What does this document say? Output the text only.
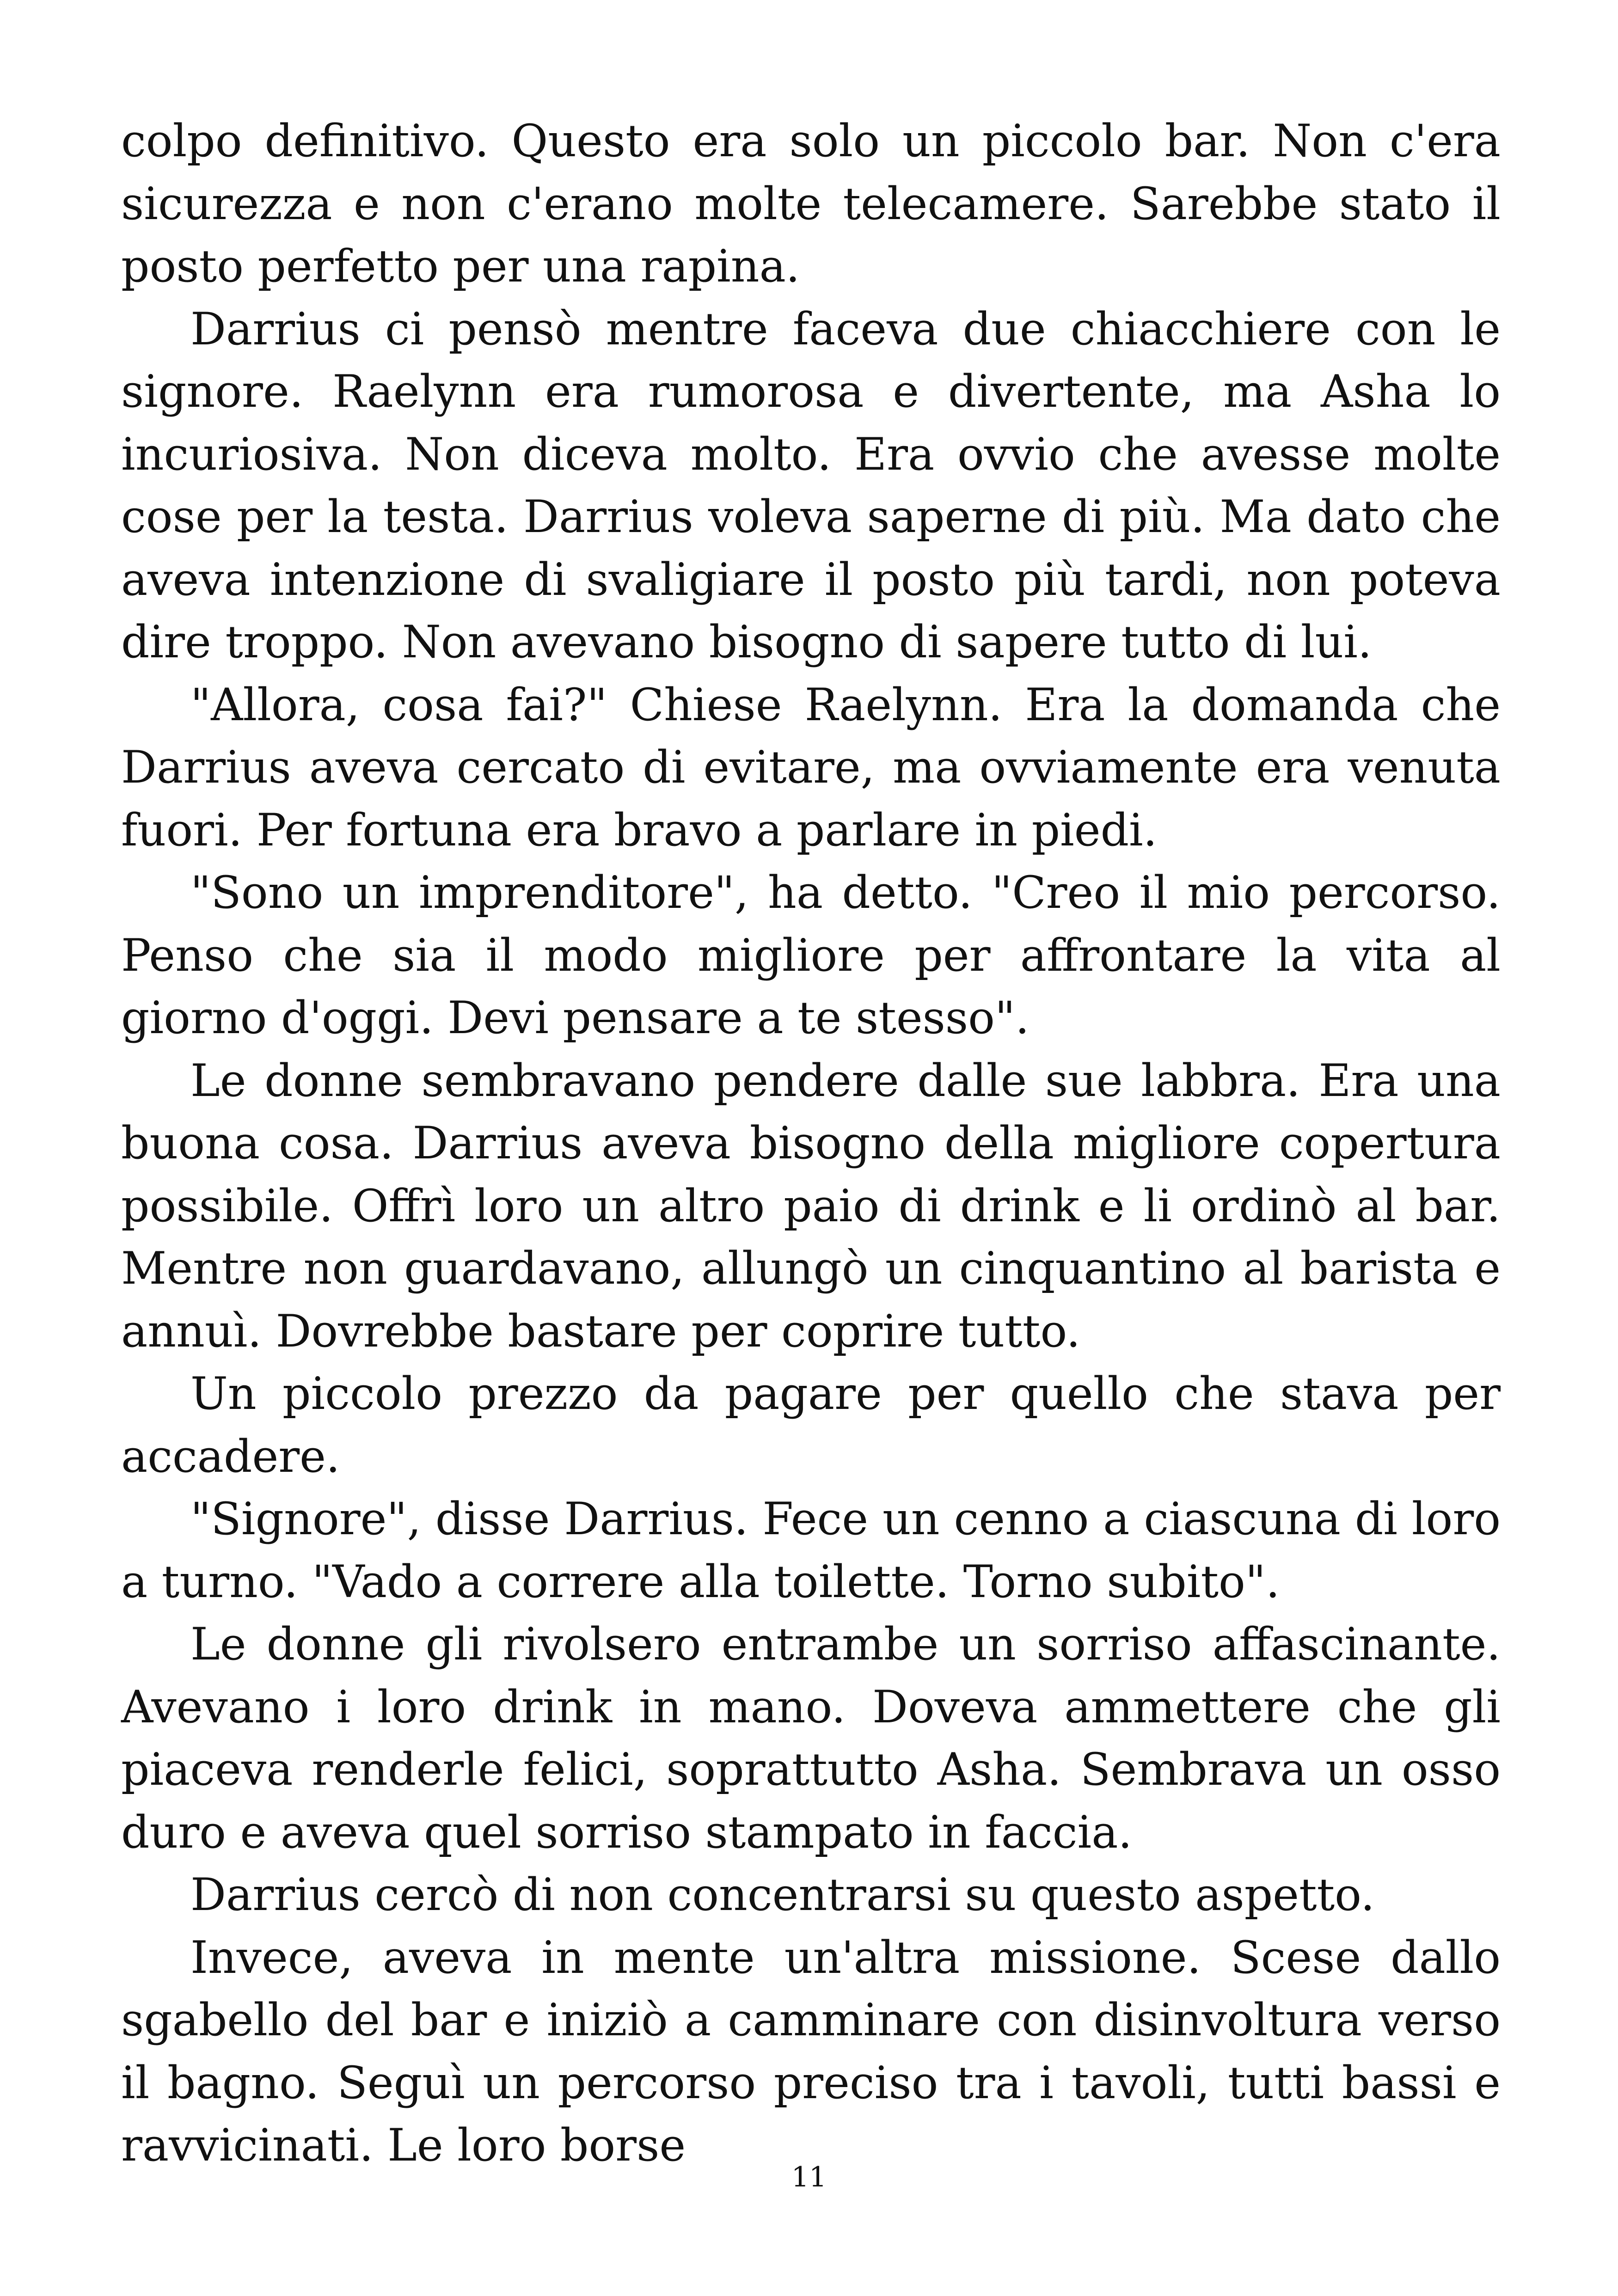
colpo definitivo. Questo era solo un piccolo bar. Non c'era sicurezza e non c'erano molte telecamere. Sarebbe stato il posto perfetto per una rapina.

Darrius ci pensò mentre faceva due chiacchiere con le signore. Raelynn era rumorosa e divertente, ma Asha lo incuriosiva. Non diceva molto. Era ovvio che avesse molte cose per la testa. Darrius voleva saperne di più. Ma dato che aveva intenzione di svaligiare il posto più tardi, non poteva dire troppo. Non avevano bisogno di sapere tutto di lui.

"Allora, cosa fai?" Chiese Raelynn. Era la domanda che Darrius aveva cercato di evitare, ma ovviamente era venuta fuori. Per fortuna era bravo a parlare in piedi.

"Sono un imprenditore", ha detto. "Creo il mio percorso. Penso che sia il modo migliore per affrontare la vita al giorno d'oggi. Devi pensare a te stesso".

Le donne sembravano pendere dalle sue labbra. Era una buona cosa. Darrius aveva bisogno della migliore copertura possibile. Offrì loro un altro paio di drink e li ordinò al bar. Mentre non guardavano, allungò un cinquantino al barista e annuì. Dovrebbe bastare per coprire tutto.

Un piccolo prezzo da pagare per quello che stava per accadere.

"Signore", disse Darrius. Fece un cenno a ciascuna di loro a turno. "Vado a correre alla toilette. Torno subito".

Le donne gli rivolsero entrambe un sorriso affascinante. Avevano i loro drink in mano. Doveva ammettere che gli piaceva renderle felici, soprattutto Asha. Sembrava un osso duro e aveva quel sorriso stampato in faccia.

Darrius cercò di non concentrarsi su questo aspetto.

Invece, aveva in mente un'altra missione. Scese dallo sgabello del bar e iniziò a camminare con disinvoltura verso il bagno. Seguì un percorso preciso tra i tavoli, tutti bassi e ravvicinati. Le loro borse

11
